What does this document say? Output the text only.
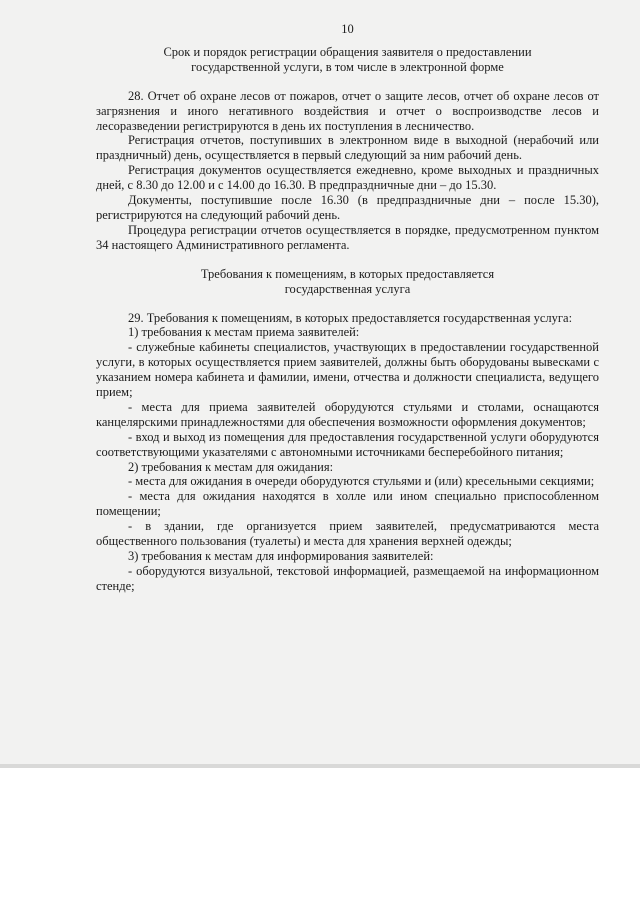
10
Срок и порядок регистрации обращения заявителя о предоставлении
государственной услуги, в том числе в электронной форме

28. Отчет об охране лесов от пожаров, отчет о защите лесов, отчет об охране лесов от загрязнения и иного негативного воздействия и отчет о воспроизводстве лесов и лесоразведении регистрируются в день их поступления в лесничество.

Регистрация отчетов, поступивших в электронном виде в выходной (нерабочий или праздничный) день, осуществляется в первый следующий за ним рабочий день.

Регистрация документов осуществляется ежедневно, кроме выходных и праздничных дней, с 8.30 до 12.00 и с 14.00 до 16.30. В предпраздничные дни – до 15.30.

Документы, поступившие после 16.30 (в предпраздничные дни – после 15.30), регистрируются на следующий рабочий день.

Процедура регистрации отчетов осуществляется в порядке, предусмотренном пунктом 34 настоящего Административного регламента.

Требования к помещениям, в которых предоставляется
государственная услуга

29. Требования к помещениям, в которых предоставляется государственная услуга:

1) требования к местам приема заявителей:

- служебные кабинеты специалистов, участвующих в предоставлении государственной услуги, в которых осуществляется прием заявителей, должны быть оборудованы вывесками с указанием номера кабинета и фамилии, имени, отчества и должности специалиста, ведущего прием;

- места для приема заявителей оборудуются стульями и столами, оснащаются канцелярскими принадлежностями для обеспечения возможности оформления документов;

- вход и выход из помещения для предоставления государственной услуги оборудуются соответствующими указателями с автономными источниками бесперебойного питания;

2) требования к местам для ожидания:

- места для ожидания в очереди оборудуются стульями и (или) кресельными секциями;

- места для ожидания находятся в холле или ином специально приспособленном помещении;

- в здании, где организуется прием заявителей, предусматриваются места общественного пользования (туалеты) и места для хранения верхней одежды;

3) требования к местам для информирования заявителей:

- оборудуются визуальной, текстовой информацией, размещаемой на информационном стенде;
